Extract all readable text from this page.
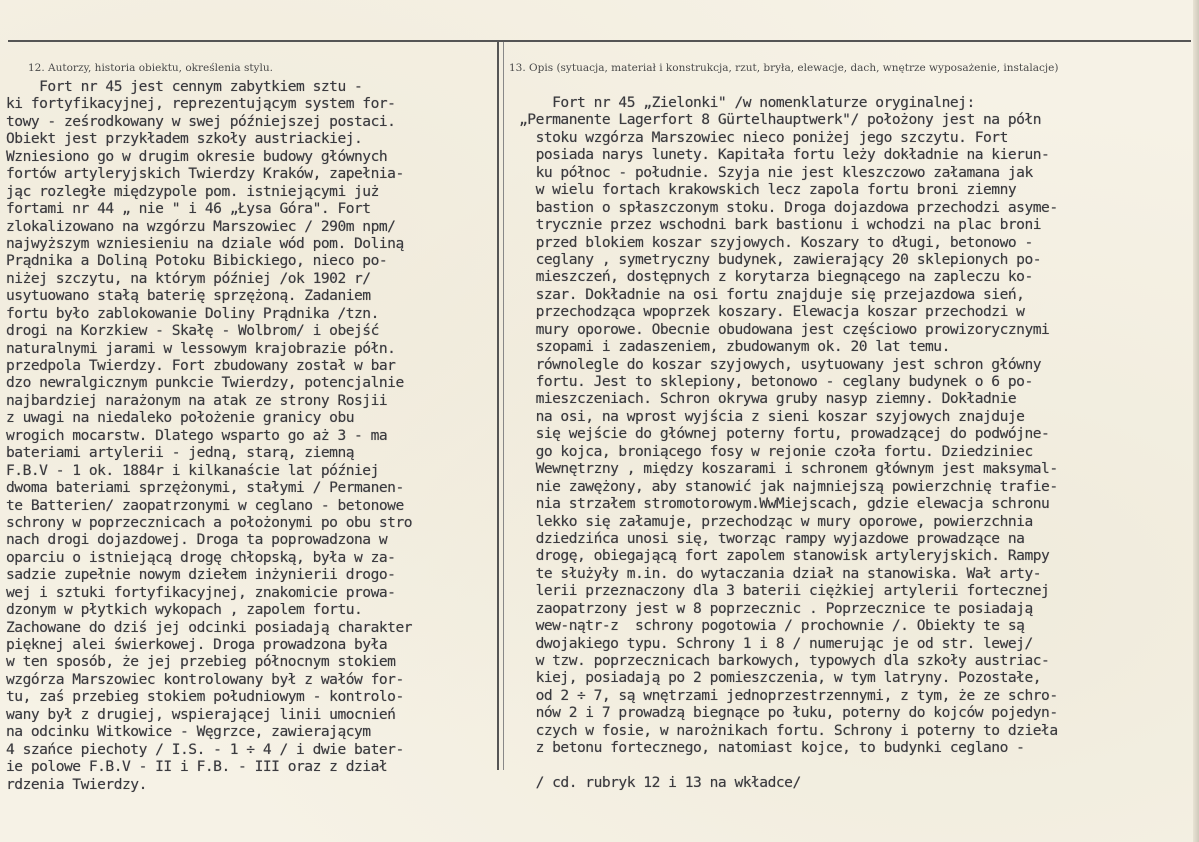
12. Autorzy, historia obiektu, określenia stylu.	13. Opis (sytuacja, materiał i konstrukcja, rzut, bryła, elewacje, dach, wnętrze wyposażenie, instalacje)
Fort nr 45 jest cennym zabytkiem sztu -
ki fortyfikacyjnej, reprezentującym system for-
towy - ześrodkowany w swej późniejszej postaci.
Obiekt jest przykładem szkoły austriackiej.
Wzniesiono go w drugim okresie budowy głównych
fortów artyleryjskich Twierdzy Kraków, zapełnia-
jąc rozległe międzypole pom. istniejącymi już
fortami nr 44 „ nie " i 46 „Łysa Góra". Fort
zlokalizowano na wzgórzu Marszowiec / 290m npm/
najwyższym wzniesieniu na dziale wód pom. Doliną
Prądnika a Doliną Potoku Bibickiego, nieco po-
niżej szczytu, na którym później /ok 1902 r/
usytuowano stałą baterię sprzężoną. Zadaniem
fortu było zablokowanie Doliny Prądnika /tzn.
drogi na Korzkiew - Skałę - Wolbrom/ i obejść
naturalnymi jarami w lessowym krajobrazie półn.
przedpola Twierdzy. Fort zbudowany został w bar
dzo newralgicznym punkcie Twierdzy, potencjalnie
najbardziej narażonym na atak ze strony Rosjii
z uwagi na niedaleko położenie granicy obu
wrogich mocarstw. Dlatego wsparto go aż 3 - ma
bateriami artylerii - jedną, starą, ziemną
F.B.V - 1 ok. 1884r i kilkanaście lat później
dwoma bateriami sprzężonymi, stałymi / Permanen-
te Batterien/ zaopatrzonymi w ceglano - betonowe
schrony w poprzecznicach a położonymi po obu stro
nach drogi dojazdowej. Droga ta poprowadzona w
oparciu o istniejącą drogę chłopską, była w za-
sadzie zupełnie nowym dziełem inżynierii drogo-
wej i sztuki fortyfikacyjnej, znakomicie prowa-
dzonym w płytkich wykopach , zapolem fortu.
Zachowane do dziś jej odcinki posiadają charakter
pięknej alei świerkowej. Droga prowadzona była
w ten sposób, że jej przebieg północnym stokiem
wzgórza Marszowiec kontrolowany był z wałów for-
tu, zaś przebieg stokiem południowym - kontrolo-
wany był z drugiej, wspierającej linii umocnień
na odcinku Witkowice - Węgrzce, zawierającym
4 szańce piechoty / I.S. - 1 ÷ 4 / i dwie bater-
ie polowe F.B.V - II i F.B. - III oraz z dział
rdzenia Twierdzy.
Fort nr 45 „Zielonki" /w nomenklaturze oryginalnej:
„Permanente Lagerfort 8 Gürtelhauptwerk"/ położony jest na półn
stoku wzgórza Marszowiec nieco poniżej jego szczytu. Fort
posiada narys lunety. Kapitała fortu leży dokładnie na kierun-
ku północ - południe. Szyja nie jest kleszczowo załamana jak
w wielu fortach krakowskich lecz zapola fortu broni ziemny
bastion o spłaszczonym stoku. Droga dojazdowa przechodzi asyme-
trycznie przez wschodni bark bastionu i wchodzi na plac broni
przed blokiem koszar szyjowych. Koszary to długi, betonowo -
ceglany , symetryczny budynek, zawierający 20 sklepionych po-
mieszczeń, dostępnych z korytarza biegnącego na zapleczu ko-
szar. Dokładnie na osi fortu znajduje się przejazdowa sień,
przechodząca wpoprzek koszary. Elewacja koszar przechodzi w
mury oporowe. Obecnie obudowana jest częściowo prowizorycznymi
szopami i zadaszeniem, zbudowanym ok. 20 lat temu.
równolegle do koszar szyjowych, usytuowany jest schron główny
fortu. Jest to sklepiony, betonowo - ceglany budynek o 6 po-
mieszczeniach. Schron okrywa gruby nasyp ziemny. Dokładnie
na osi, na wprost wyjścia z sieni koszar szyjowych znajduje
się wejście do głównej poterny fortu, prowadzącej do podwójne-
go kojca, broniącego fosy w rejonie czoła fortu. Dziedziniec
Wewnętrzny , między koszarami i schronem głównym jest maksymal-
nie zawężony, aby stanowić jak najmniejszą powierzchnię trafie-
nia strzałem stromotorowym.WwMiejscach, gdzie elewacja schronu
lekko się załamuje, przechodząc w mury oporowe, powierzchnia
dziedzińca unosi się, tworząc rampy wyjazdowe prowadzące na
drogę, obiegającą fort zapolem stanowisk artyleryjskich. Rampy
te służyły m.in. do wytaczania dział na stanowiska. Wał arty-
lerii przeznaczony dla 3 baterii ciężkiej artylerii fortecznej
zaopatrzony jest w 8 poprzecznic . Poprzecznice te posiadają
wew-nątr-z  schrony pogotowia / prochownie /. Obiekty te są
dwojakiego typu. Schrony 1 i 8 / numerując je od str. lewej/
w tzw. poprzecznicach barkowych, typowych dla szkoły austriac-
kiej, posiadają po 2 pomieszczenia, w tym latryny. Pozostałe,
od 2 ÷ 7, są wnętrzami jednoprzestrzennymi, z tym, że ze schro-
nów 2 i 7 prowadzą biegnące po łuku, poterny do kojców pojedyn-
czych w fosie, w narożnikach fortu. Schrony i poterny to dzieła
z betonu fortecznego, natomiast kojce, to budynki ceglano -
/ cd. rubryk 12 i 13 na wkładce/
